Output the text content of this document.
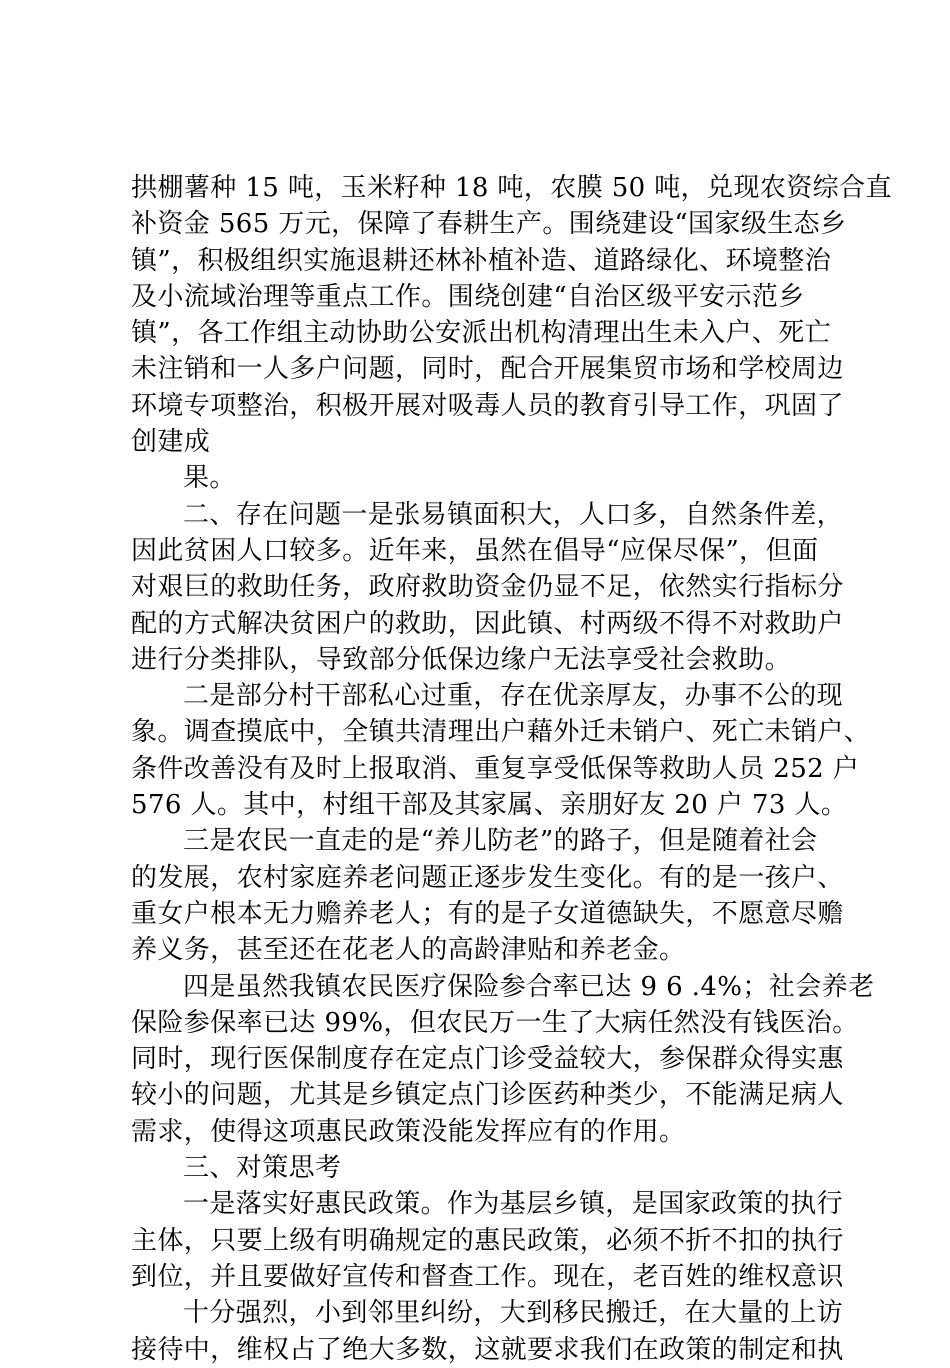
拱棚薯种 15 吨，玉米籽种 18 吨，农膜 50 吨，兑现农资综合直
补资金 565 万元，保障了春耕生产。围绕建设“国家级生态乡
镇”，积极组织实施退耕还林补植补造、道路绿化、环境整治
及小流域治理等重点工作。围绕创建“自治区级平安示范乡
镇”，各工作组主动协助公安派出机构清理出生未入户、死亡
未注销和一人多户问题，同时，配合开展集贸市场和学校周边
环境专项整治，积极开展对吸毒人员的教育引导工作，巩固了
创建成
果。
二、存在问题一是张易镇面积大，人口多，自然条件差，
因此贫困人口较多。近年来，虽然在倡导“应保尽保”，但面
对艰巨的救助任务，政府救助资金仍显不足，依然实行指标分
配的方式解决贫困户的救助，因此镇、村两级不得不对救助户
进行分类排队，导致部分低保边缘户无法享受社会救助。
二是部分村干部私心过重，存在优亲厚友，办事不公的现
象。调查摸底中，全镇共清理出户藉外迁未销户、死亡未销户、
条件改善没有及时上报取消、重复享受低保等救助人员 252 户
576 人。其中，村组干部及其家属、亲朋好友 20 户 73 人。
三是农民一直走的是“养儿防老”的路子，但是随着社会
的发展，农村家庭养老问题正逐步发生变化。有的是一孩户、
重女户根本无力赡养老人；有的是子女道德缺失，不愿意尽赡
养义务，甚至还在花老人的高龄津贴和养老金。
四是虽然我镇农民医疗保险参合率已达 9 6 .4%；社会养老
保险参保率已达 99%，但农民万一生了大病任然没有钱医治。
同时，现行医保制度存在定点门诊受益较大，参保群众得实惠
较小的问题，尤其是乡镇定点门诊医药种类少，不能满足病人
需求，使得这项惠民政策没能发挥应有的作用。
三、对策思考
一是落实好惠民政策。作为基层乡镇，是国家政策的执行
主体，只要上级有明确规定的惠民政策，必须不折不扣的执行
到位，并且要做好宣传和督查工作。现在，老百姓的维权意识
十分强烈，小到邻里纠纷，大到移民搬迁，在大量的上访
接待中，维权占了绝大多数，这就要求我们在政策的制定和执
